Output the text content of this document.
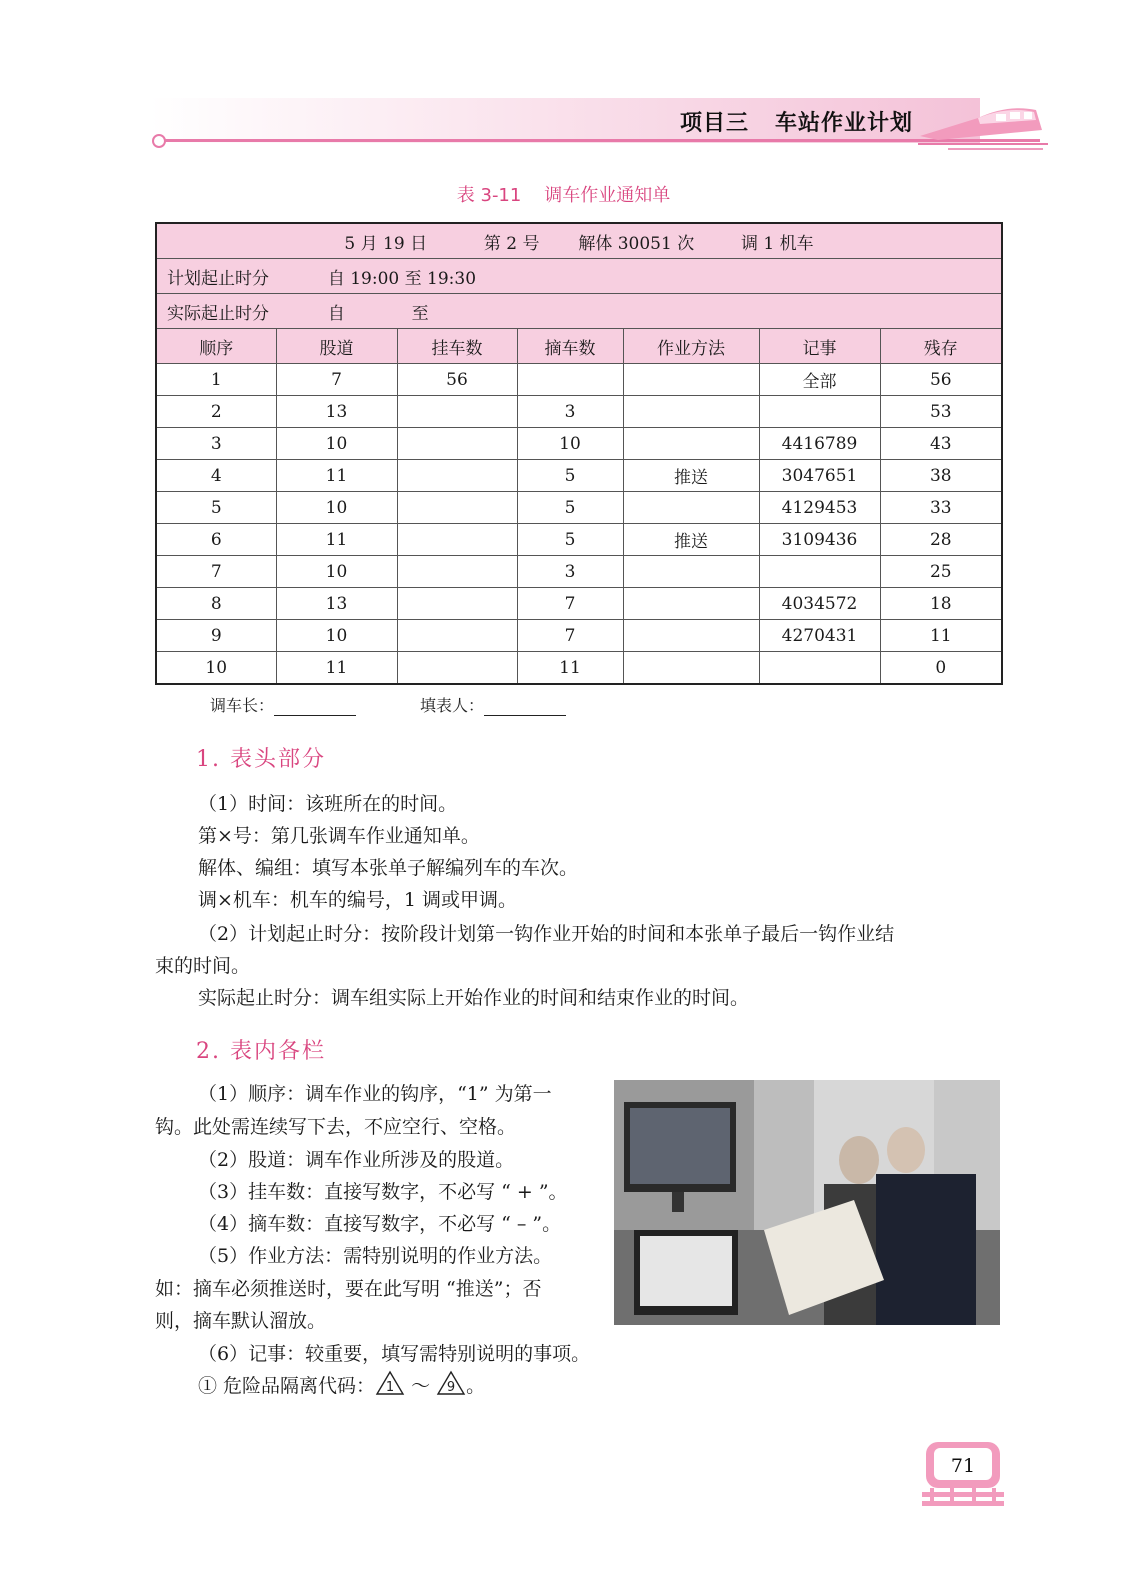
项目三   车站作业计划
表 3-11    调车作业通知单
5 月 19 日 第 2 号 解体 30051 次 调 1 机车						
计划起止时分 自 19:00 至 19:30						
实际起止时分 自 至						
顺序	股道	挂车数	摘车数	作业方法	记事	残存
1	7	56			全部	56
2	13		3			53
3	10		10		4416789	43
4	11		5	推送	3047651	38
5	10		5		4129453	33
6	11		5	推送	3109436	28
7	10		3			25
8	13		7		4034572	18
9	10		7		4270431	11
10	11		11			0
调车长：	填表人：
1. 表头部分
（1）时间：该班所在的时间。
第×号：第几张调车作业通知单。
解体、编组：填写本张单子解编列车的车次。
调×机车：机车的编号，1 调或甲调。
（2）计划起止时分：按阶段计划第一钩作业开始的时间和本张单子最后一钩作业结
束的时间。
实际起止时分：调车组实际上开始作业的时间和结束作业的时间。
2. 表内各栏
（1）顺序：调车作业的钩序，“1” 为第一
钩。此处需连续写下去，不应空行、空格。
（2）股道：调车作业所涉及的股道。
（3）挂车数：直接写数字，不必写 “ + ”。
（4）摘车数：直接写数字，不必写 “ – ”。
（5）作业方法：需特别说明的作业方法。
如：摘车必须推送时，要在此写明 “推送”；否
则，摘车默认溜放。
（6）记事：较重要，填写需特别说明的事项。
① 危险品隔离代码： 1 ～ 9 。
71
